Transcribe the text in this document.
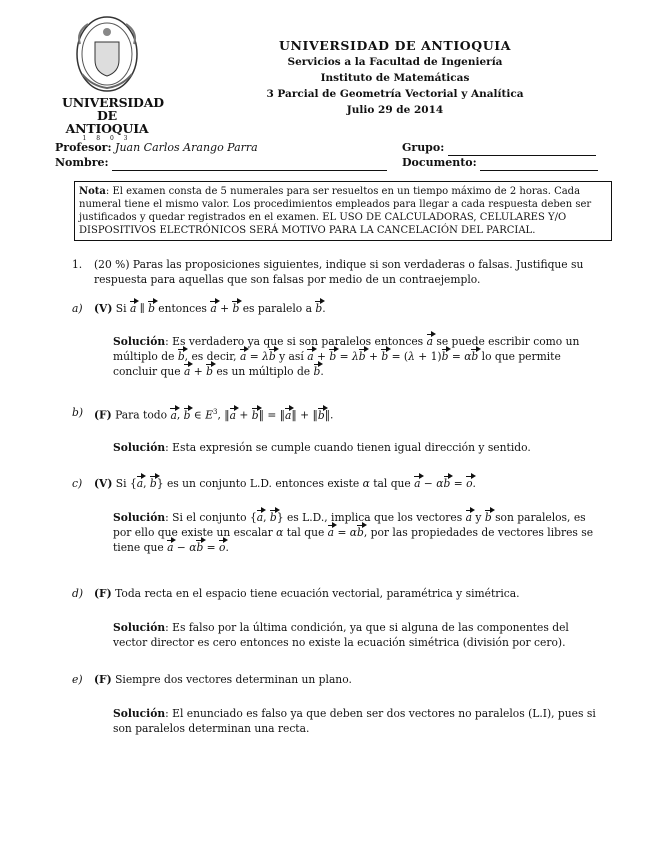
UNIVERSIDAD
DE ANTIOQUIA
1 8 0 3
UNIVERSIDAD DE ANTIOQUIA
Servicios a la Facultad de Ingeniería
Instituto de Matemáticas
3 Parcial de Geometría Vectorial y Analítica
Julio 29 de 2014
Profesor: Juan Carlos Arango Parra
Nombre:
Grupo:
Documento:
Nota: El examen consta de 5 numerales para ser resueltos en un tiempo máximo de 2 horas. Cada numeral tiene el mismo valor. Los procedimientos empleados para llegar a cada respuesta deben ser justificados y quedar registrados en el examen. EL USO DE CALCULADORAS, CELULARES Y/O DISPOSITIVOS ELECTRÓNICOS SERÁ MOTIVO PARA LA CANCELACIÓN DEL PARCIAL.
1. (20 %) Paras las proposiciones siguientes, indique si son verdaderas o falsas. Justifique su respuesta para aquellas que son falsas por medio de un contraejemplo.
a) (V) Si a ∥ b entonces a + b es paralelo a b.
Solución: Es verdadero ya que si son paralelos entonces a se puede escribir como un múltiplo de b, es decir, a = λb y así a + b = λb + b = (λ + 1)b = αb lo que permite concluir que a + b es un múltiplo de b.
b) (F) Para todo a, b ∈ $E^3$, ‖a + b‖ = ‖a‖ + ‖b‖.
Solución: Esta expresión se cumple cuando tienen igual dirección y sentido.
c) (V) Si {a, b} es un conjunto L.D. entonces existe α tal que a − αb = o.
Solución: Si el conjunto {a, b} es L.D., implica que los vectores a y b son paralelos, es por ello que existe un escalar α tal que a = αb, por las propiedades de vectores libres se tiene que a − αb = o.
d) (F) Toda recta en el espacio tiene ecuación vectorial, paramétrica y simétrica.
Solución: Es falso por la última condición, ya que si alguna de las componentes del vector director es cero entonces no existe la ecuación simétrica (división por cero).
e) (F) Siempre dos vectores determinan un plano.
Solución: El enunciado es falso ya que deben ser dos vectores no paralelos (L.I), pues si son paralelos determinan una recta.
